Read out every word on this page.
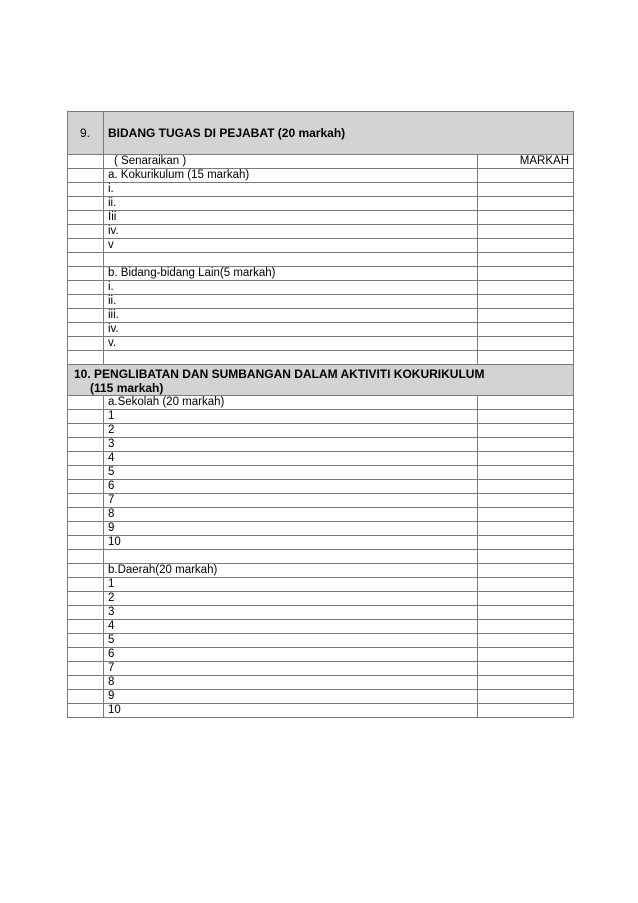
9.	BIDANG TUGAS DI PEJABAT (20 markah)	
	( Senaraikan )	MARKAH
	a. Kokurikulum (15 markah)	
	i.	
	ii.	
	Iii	
	iv.	
	v	

	b. Bidang-bidang Lain(5 markah)	
	i.	
	ii.	
	iii.	
	iv.	
	v.	

10. PENGLIBATAN DAN SUMBANGAN DALAM AKTIVITI KOKURIKULUM
(115 markah)		

	a.Sekolah (20 markah)	
	1	
	2	
	3	
	4	
	5	
	6	
	7	
	8	
	9	
	10	

	b.Daerah(20 markah)	
	1	
	2	
	3	
	4	
	5	
	6	
	7	
	8	
	9	
	10	
